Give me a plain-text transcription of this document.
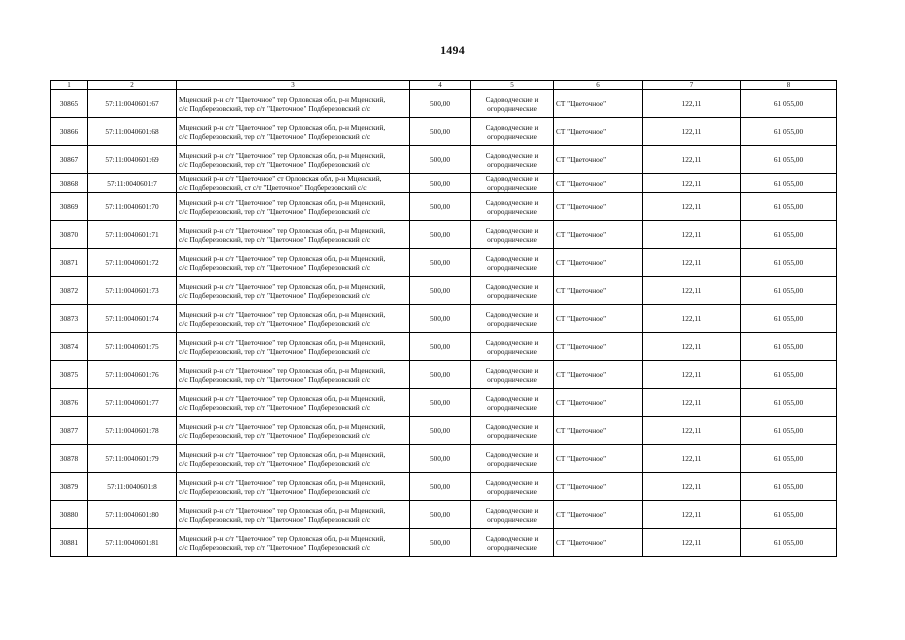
1494
1	2	3	4	5	6	7	8
30865	57:11:0040601:67	Мценский р-н с/т "Цветочное" тер Орловская обл, р-н Мценский,
с/с Подберезовский, тер с/т "Цветочное" Подберезовский с/с	500,00	Садоводческие и
огороднические	СТ "Цветочное"	122,11	61 055,00
30866	57:11:0040601:68	Мценский р-н с/т "Цветочное" тер Орловская обл, р-н Мценский,
с/с Подберезовский, тер с/т "Цветочное" Подберезовский с/с	500,00	Садоводческие и
огороднические	СТ "Цветочное"	122,11	61 055,00
30867	57:11:0040601:69	Мценский р-н с/т "Цветочное" тер Орловская обл, р-н Мценский,
с/с Подберезовский, тер с/т "Цветочное" Подберезовский с/с	500,00	Садоводческие и
огороднические	СТ "Цветочное"	122,11	61 055,00
30868	57:11:0040601:7	Мценский р-н с/т "Цветочное" ст Орловская обл, р-н Мценский,
с/с Подберезовский, ст с/т "Цветочное" Подберезовский с/с	500,00	Садоводческие и
огороднические	СТ "Цветочное"	122,11	61 055,00
30869	57:11:0040601:70	Мценский р-н с/т "Цветочное" тер Орловская обл, р-н Мценский,
с/с Подберезовский, тер с/т "Цветочное" Подберезовский с/с	500,00	Садоводческие и
огороднические	СТ "Цветочное"	122,11	61 055,00
30870	57:11:0040601:71	Мценский р-н с/т "Цветочное" тер Орловская обл, р-н Мценский,
с/с Подберезовский, тер с/т "Цветочное" Подберезовский с/с	500,00	Садоводческие и
огороднические	СТ "Цветочное"	122,11	61 055,00
30871	57:11:0040601:72	Мценский р-н с/т "Цветочное" тер Орловская обл, р-н Мценский,
с/с Подберезовский, тер с/т "Цветочное" Подберезовский с/с	500,00	Садоводческие и
огороднические	СТ "Цветочное"	122,11	61 055,00
30872	57:11:0040601:73	Мценский р-н с/т "Цветочное" тер Орловская обл, р-н Мценский,
с/с Подберезовский, тер с/т "Цветочное" Подберезовский с/с	500,00	Садоводческие и
огороднические	СТ "Цветочное"	122,11	61 055,00
30873	57:11:0040601:74	Мценский р-н с/т "Цветочное" тер Орловская обл, р-н Мценский,
с/с Подберезовский, тер с/т "Цветочное" Подберезовский с/с	500,00	Садоводческие и
огороднические	СТ "Цветочное"	122,11	61 055,00
30874	57:11:0040601:75	Мценский р-н с/т "Цветочное" тер Орловская обл, р-н Мценский,
с/с Подберезовский, тер с/т "Цветочное" Подберезовский с/с	500,00	Садоводческие и
огороднические	СТ "Цветочное"	122,11	61 055,00
30875	57:11:0040601:76	Мценский р-н с/т "Цветочное" тер Орловская обл, р-н Мценский,
с/с Подберезовский, тер с/т "Цветочное" Подберезовский с/с	500,00	Садоводческие и
огороднические	СТ "Цветочное"	122,11	61 055,00
30876	57:11:0040601:77	Мценский р-н с/т "Цветочное" тер Орловская обл, р-н Мценский,
с/с Подберезовский, тер с/т "Цветочное" Подберезовский с/с	500,00	Садоводческие и
огороднические	СТ "Цветочное"	122,11	61 055,00
30877	57:11:0040601:78	Мценский р-н с/т "Цветочное" тер Орловская обл, р-н Мценский,
с/с Подберезовский, тер с/т "Цветочное" Подберезовский с/с	500,00	Садоводческие и
огороднические	СТ "Цветочное"	122,11	61 055,00
30878	57:11:0040601:79	Мценский р-н с/т "Цветочное" тер Орловская обл, р-н Мценский,
с/с Подберезовский, тер с/т "Цветочное" Подберезовский с/с	500,00	Садоводческие и
огороднические	СТ "Цветочное"	122,11	61 055,00
30879	57:11:0040601:8	Мценский р-н с/т "Цветочное" тер Орловская обл, р-н Мценский,
с/с Подберезовский, тер с/т "Цветочное" Подберезовский с/с	500,00	Садоводческие и
огороднические	СТ "Цветочное"	122,11	61 055,00
30880	57:11:0040601:80	Мценский р-н с/т "Цветочное" тер Орловская обл, р-н Мценский,
с/с Подберезовский, тер с/т "Цветочное" Подберезовский с/с	500,00	Садоводческие и
огороднические	СТ "Цветочное"	122,11	61 055,00
30881	57:11:0040601:81	Мценский р-н с/т "Цветочное" тер Орловская обл, р-н Мценский,
с/с Подберезовский, тер с/т "Цветочное" Подберезовский с/с	500,00	Садоводческие и
огороднические	СТ "Цветочное"	122,11	61 055,00
